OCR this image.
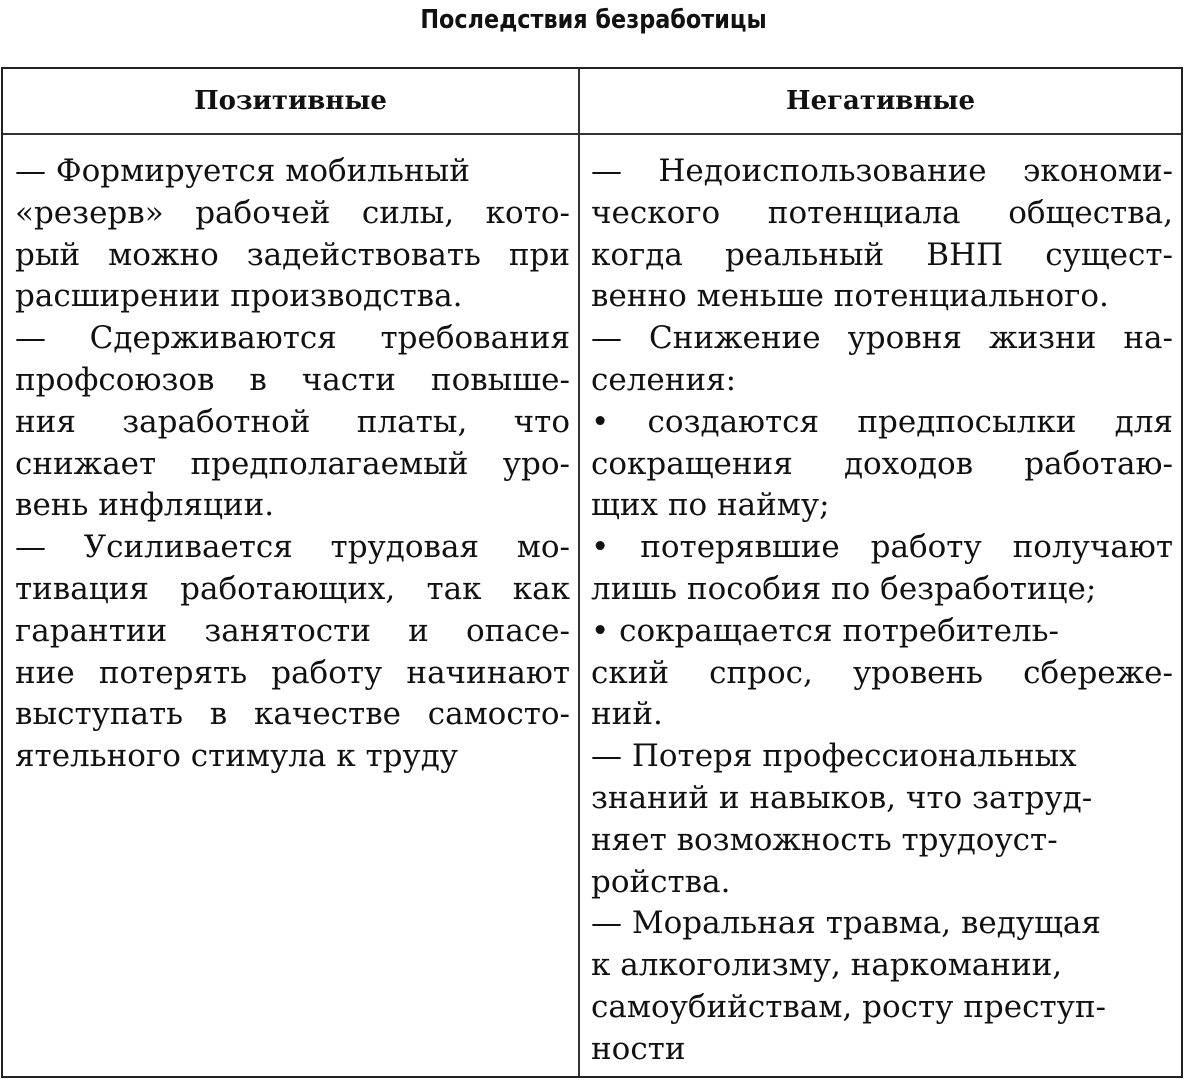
Последствия безработицы
Позитивные	Негативные
— Формируется мобильный
«резерв» рабочей силы, кото-
рый можно задействовать при
расширении производства.
— Сдерживаются требования
профсоюзов в части повыше-
ния заработной платы, что
снижает предполагаемый уро-
вень инфляции.
— Усиливается трудовая мо-
тивация работающих, так как
гарантии занятости и опасе-
ние потерять работу начинают
выступать в качестве самосто-
ятельного стимула к труду
— Недоиспользование экономи-
ческого потенциала общества,
когда реальный ВНП сущест-
венно меньше потенциального.
— Снижение уровня жизни на-
селения:
• создаются предпосылки для
сокращения доходов работаю-
щих по найму;
• потерявшие работу получают
лишь пособия по безработице;
• сокращается потребитель-
ский спрос, уровень сбереже-
ний.
— Потеря профессиональных
знаний и навыков, что затруд-
няет возможность трудоуст-
ройства.
— Моральная травма, ведущая
к алкоголизму, наркомании,
самоубийствам, росту преступ-
ности
